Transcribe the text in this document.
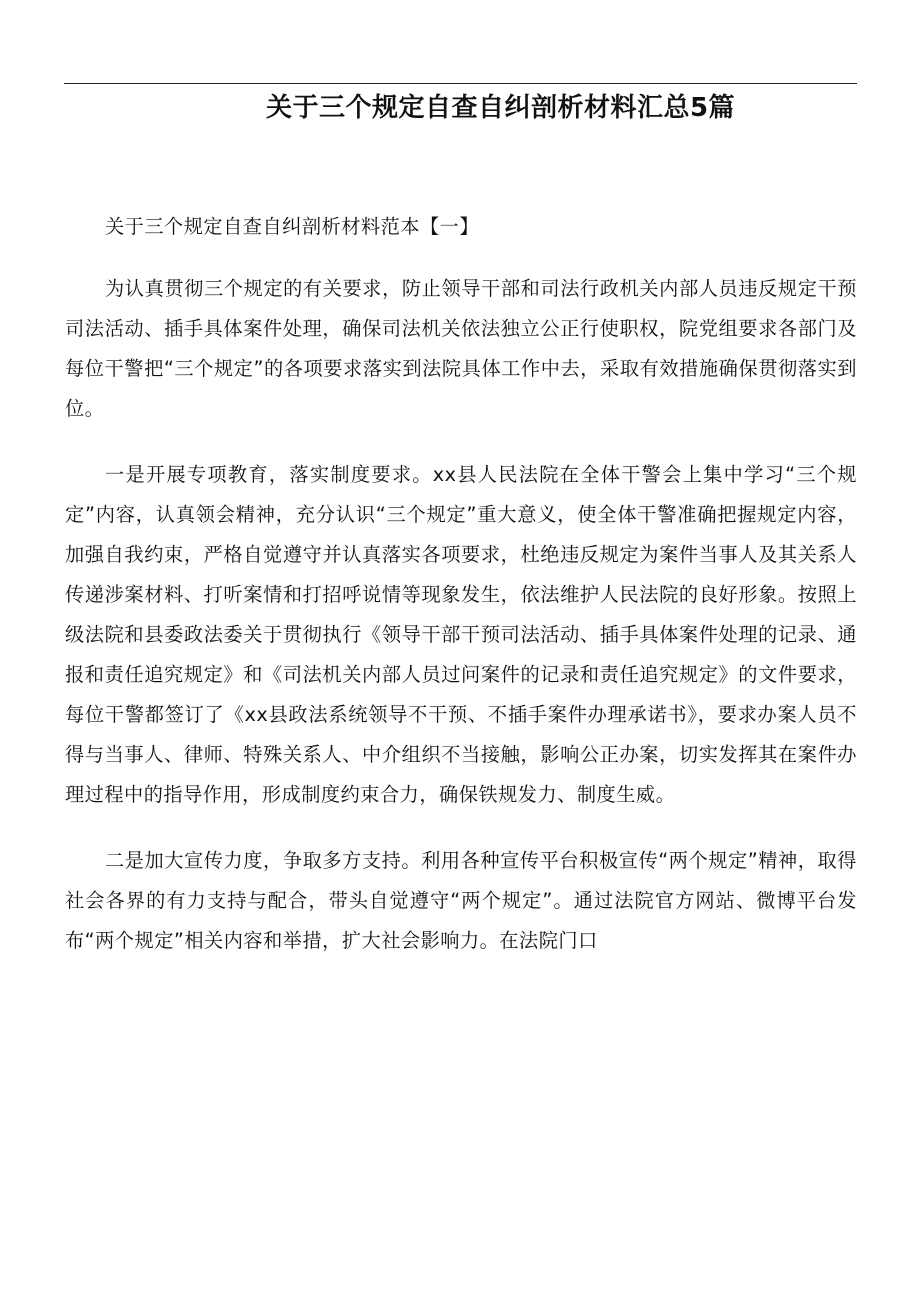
关于三个规定自查自纠剖析材料汇总5篇

关于三个规定自查自纠剖析材料范本【一】

为认真贯彻三个规定的有关要求，防止领导干部和司法行政机关内部人员违反规定干预司法活动、插手具体案件处理，确保司法机关依法独立公正行使职权，院党组要求各部门及每位干警把“三个规定”的各项要求落实到法院具体工作中去，采取有效措施确保贯彻落实到位。

一是开展专项教育，落实制度要求。xx县人民法院在全体干警会上集中学习“三个规定”内容，认真领会精神，充分认识“三个规定”重大意义，使全体干警准确把握规定内容，加强自我约束，严格自觉遵守并认真落实各项要求，杜绝违反规定为案件当事人及其关系人传递涉案材料、打听案情和打招呼说情等现象发生，依法维护人民法院的良好形象。按照上级法院和县委政法委关于贯彻执行《领导干部干预司法活动、插手具体案件处理的记录、通报和责任追究规定》和《司法机关内部人员过问案件的记录和责任追究规定》的文件要求，每位干警都签订了《xx县政法系统领导不干预、不插手案件办理承诺书》，要求办案人员不得与当事人、律师、特殊关系人、中介组织不当接触，影响公正办案，切实发挥其在案件办理过程中的指导作用，形成制度约束合力，确保铁规发力、制度生威。

二是加大宣传力度，争取多方支持。利用各种宣传平台积极宣传“两个规定”精神，取得社会各界的有力支持与配合，带头自觉遵守“两个规定”。通过法院官方网站、微博平台发布“两个规定”相关内容和举措，扩大社会影响力。在法院门口
